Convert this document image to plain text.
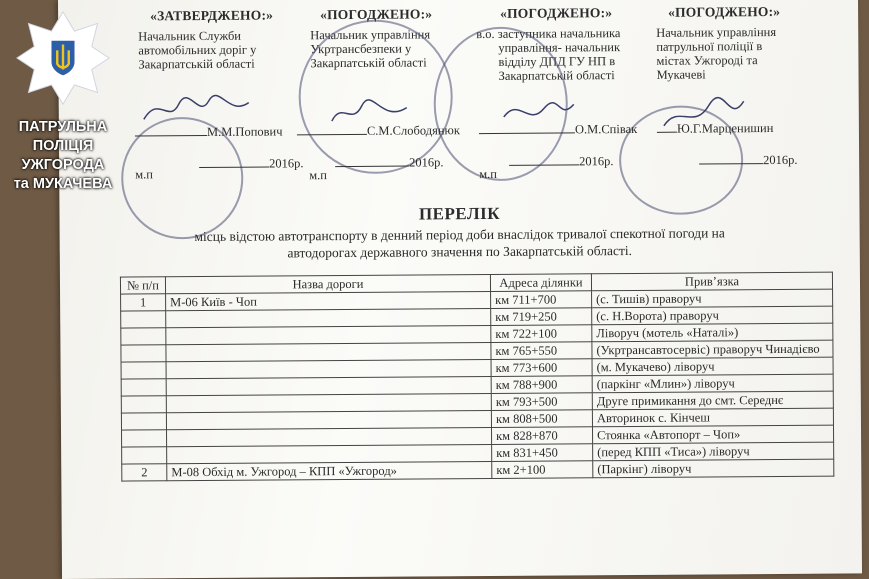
«ЗАТВЕРДЖЕНО:»
Начальник Служби
автомобільних доріг у
Закарпатській області
«ПОГОДЖЕНО:»
Начальник управління
Укртрансбезпеки у
Закарпатській області
«ПОГОДЖЕНО:»
в.о. заступника начальника
управління- начальник
відділу ДПД ГУ НП в
Закарпатській області
«ПОГОДЖЕНО:»
Начальник управління
патрульної поліції в
містах Ужгороді та
Мукачеві
М.М.Попович
2016р.
м.п
С.М.Слободянюк
2016р.
м.п
О.М.Співак
2016р.
м.п
Ю.Г.Марценишин
2016р.
ПЕРЕЛІК
місць відстою автотранспорту в денний період доби внаслідок тривалої спекотної погоди на
автодорогах державного значення по Закарпатській області.
№ п/п	Назва дороги	Адреса ділянки	Прив’язка
1	М-06 Київ - Чоп	км 711+700	(с. Тишів) праворуч
		км 719+250	(с. Н.Ворота) праворуч
		км 722+100	Ліворуч (мотель «Наталі»)
		км 765+550	(Укртрансавтосервіс) праворуч Чинадієво
		км 773+600	(м. Мукачево) ліворуч
		км 788+900	(паркінг «Млин») ліворуч
		км 793+500	Друге примикання до смт. Середнє
		км 808+500	Авторинок с. Кінчеш
		км 828+870	Стоянка «Автопорт – Чоп»
		км 831+450	(перед КПП «Тиса») ліворуч
2	М-08 Обхід м. Ужгород – КПП «Ужгород»	км 2+100	(Паркінг) ліворуч
ПАТРУЛЬНА
ПОЛІЦІЯ
УЖГОРОДА
та МУКАЧЕВА
